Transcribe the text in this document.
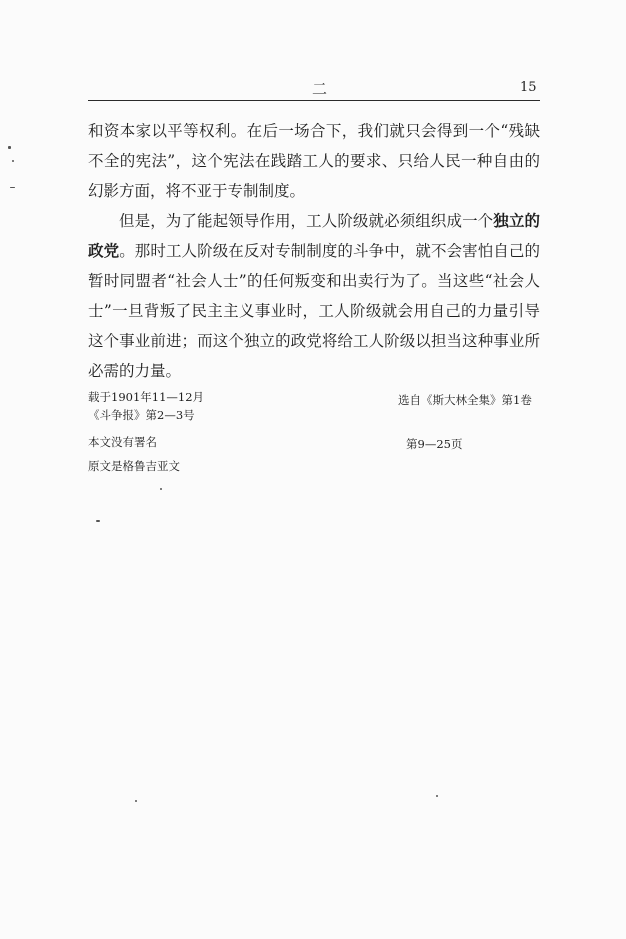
二	15

和资本家以平等权利。在后一场合下，我们就只会得到一个“残缺不全的宪法”，这个宪法在践踏工人的要求、只给人民一种自由的幻影方面，将不亚于专制制度。

但是，为了能起领导作用，工人阶级就必须组织成一个独立的政党。那时工人阶级在反对专制制度的斗争中，就不会害怕自己的暂时同盟者“社会人士”的任何叛变和出卖行为了。当这些“社会人士”一旦背叛了民主主义事业时，工人阶级就会用自己的力量引导这个事业前进；而这个独立的政党将给工人阶级以担当这种事业所必需的力量。

载于1901年11—12月
《斗争报》第2—3号
本文没有署名
原文是格鲁吉亚文
选自《斯大林全集》第1卷
第9—25页
